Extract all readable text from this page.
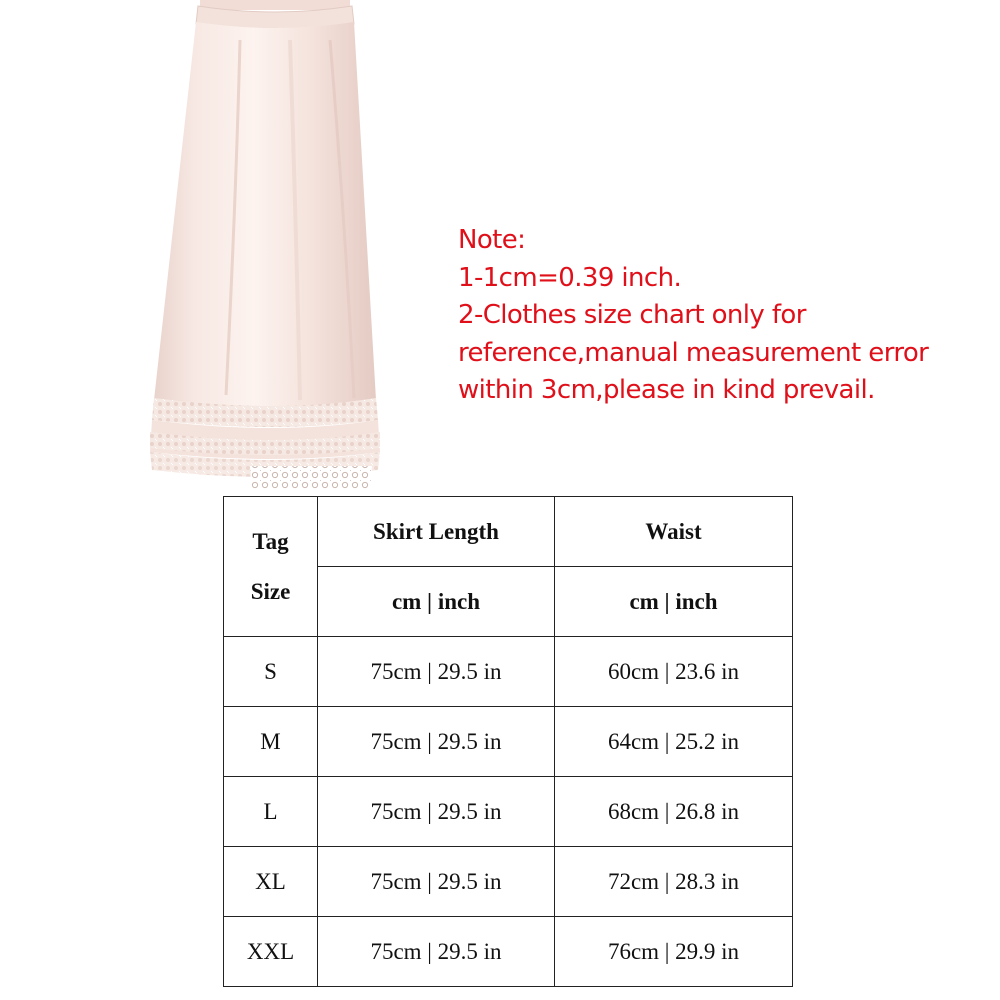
Note:
1-1cm=0.39 inch.
2-Clothes size chart only for
reference,manual measurement error
within 3cm,please in kind prevail.
Tag
Size	Skirt Length	Waist
	cm | inch	cm | inch
S	75cm | 29.5 in	60cm | 23.6 in
M	75cm | 29.5 in	64cm | 25.2 in
L	75cm | 29.5 in	68cm | 26.8 in
XL	75cm | 29.5 in	72cm | 28.3 in
XXL	75cm | 29.5 in	76cm | 29.9 in
